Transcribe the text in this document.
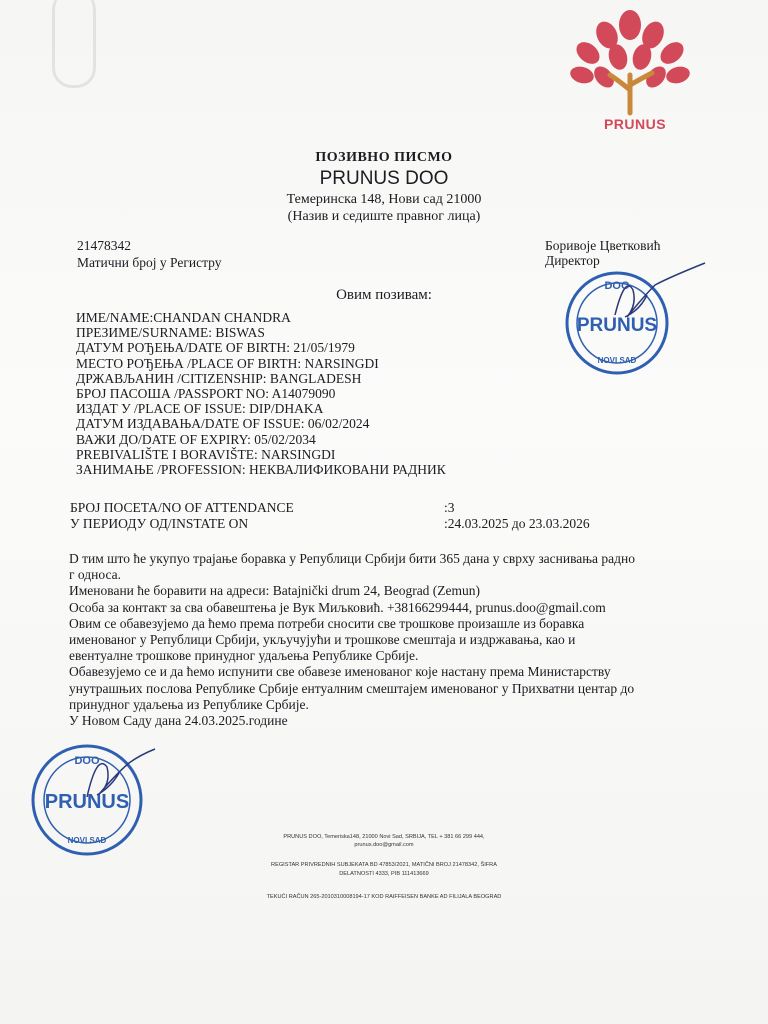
PRUNUS
ПОЗИВНО ПИСМО
PRUNUS DOO
Темеринска 148, Нови сад 21000
(Назив и седиште правног лица)
21478342
Матични број у Регистру
Боривоје Цветковић
Директор
DOO
PRUNUS
NOVI SAD
Овим позивам:
ИМЕ/NAME:CHANDAN CHANDRA
ПРЕЗИМЕ/SURNAME: BISWAS
ДАТУМ РОЂЕЊА/DATE OF BIRTH: 21/05/1979
МЕСТО РОЂЕЊА /PLACE OF BIRTH: NARSINGDI
ДРЖАВЉАНИН /CITIZENSHIP: BANGLADESH
БРОЈ ПАСОША /PASSPORT NO: A14079090
ИЗДАТ У /PLACE OF ISSUE: DIP/DHAKA
ДАТУМ ИЗДАВАЊА/DATE OF ISSUE: 06/02/2024
ВАЖИ ДО/DATE OF EXPIRY: 05/02/2034
PREBIVALIŠTE I BORAVIŠTE: NARSINGDI
ЗАНИМАЊЕ /PROFESSION: НЕКВАЛИФИКОВАНИ РАДНИК
БРОЈ ПОСЕТА/NO OF ATTENDANCE	:3
У ПЕРИОДУ ОД/INSTATE ON	:24.03.2025 до 23.03.2026
D тим што ће укупуо трајање боравка у Републици Србији бити 365 дана у сврху заснивања радно
г односа.
Именовани ће боравити на адреси: Batajnički drum 24, Beograd (Zemun)
Особа за контакт за сва обавештења је Вук Миљковић. +38166299444, prunus.doo@gmail.com
Овим се обавезујемо да ћемо према потреби сносити све трошкове произашле из боравка
именованог у Републици Србији, укључујући и трошкове смештаја и издржавања, као и
евентуалне трошкове принудног удаљења Републике Србије.
Обавезујемо се и да ћемо испунити све обавезе именованог које настану према Министарству
унутрашњих послова Републике Србије ентуалним смештајем именованог у Прихватни центар до
принудног удаљења из Републике Србије.
У Новом Саду дана 24.03.2025.године
DOO
PRUNUS
NOVI SAD	PRUNUS DOO, Temeriska148, 21000 Novi Sad, SRBIJA, TEL + 381 66 299 444,
prunus.doo@gmail.com
REGISTAR PRIVREDNIH SUBJEKATA BD 47853/2021, MATIČNI BROJ 21478342, ŠIFRA
DELATNOSTI 4333, PIB 111413669
TEKUĆI RAČUN 265-2010310008194-17 KOD RAIFFEISEN BANKE AD FILIJALA BEOGRAD
